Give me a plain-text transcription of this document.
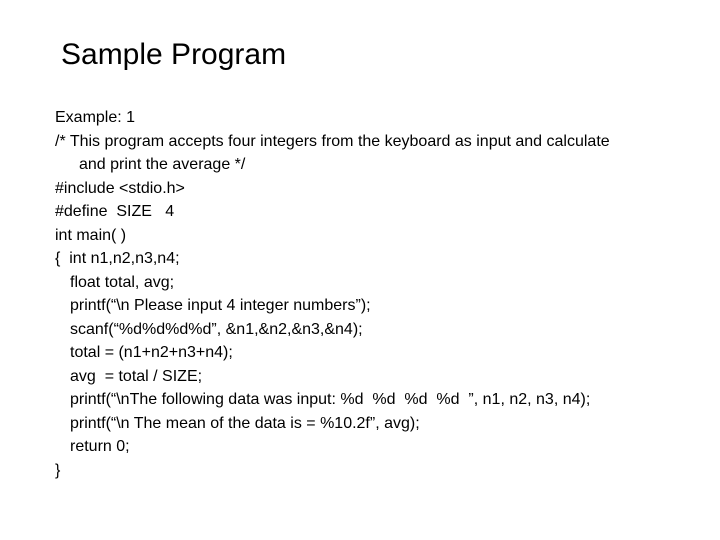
Sample Program
Example: 1
/* This program accepts four integers from the keyboard as input and calculate
and print the average */
#include <stdio.h>
#define  SIZE   4
int main( )
{  int n1,n2,n3,n4;
float total, avg;
printf(“\n Please input 4 integer numbers”);
scanf(“%d%d%d%d”, &n1,&n2,&n3,&n4);
total = (n1+n2+n3+n4);
avg  = total / SIZE;
printf(“\nThe following data was input: %d  %d  %d  %d  ”, n1, n2, n3, n4);
printf(“\n The mean of the data is = %10.2f”, avg);
return 0;
}
